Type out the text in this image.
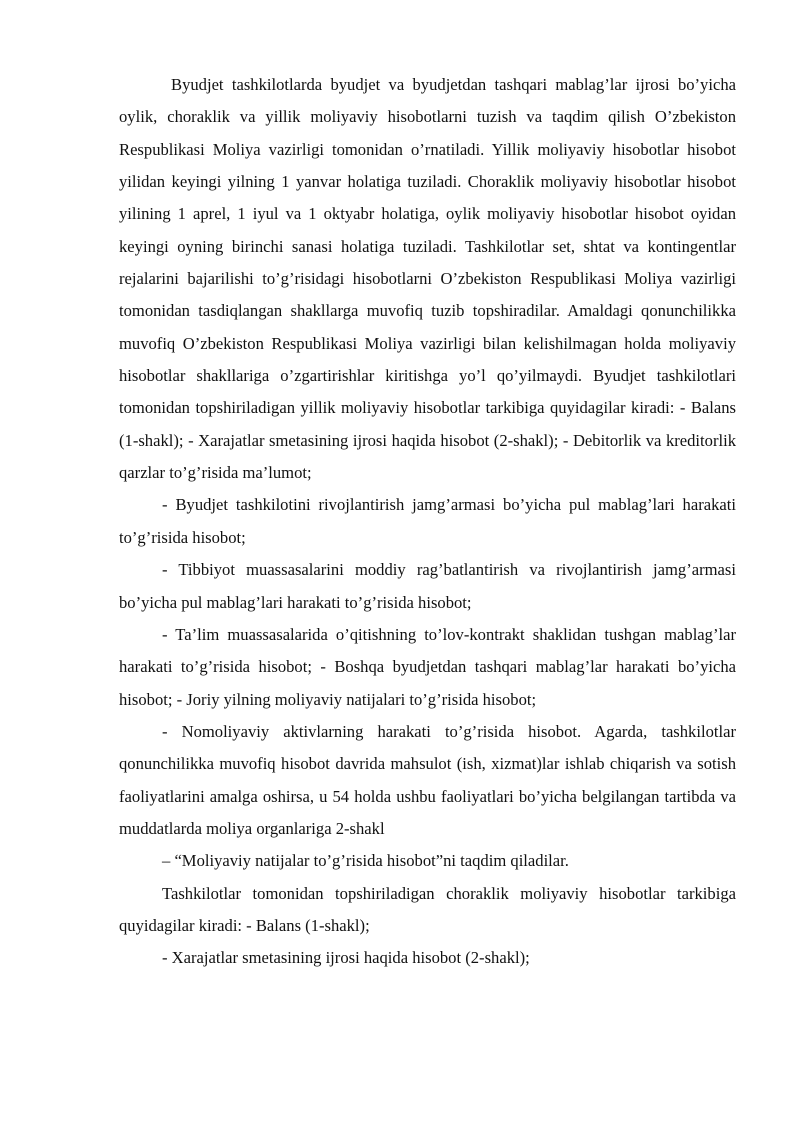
Byudjet tashkilotlarda byudjet va byudjetdan tashqari mablag’lar ijrosi bo’yicha oylik, choraklik va yillik moliyaviy hisobotlarni tuzish va taqdim qilish O’zbekiston Respublikasi Moliya vazirligi tomonidan o’rnatiladi. Yillik moliyaviy hisobotlar hisobot yilidan keyingi yilning 1 yanvar holatiga tuziladi. Choraklik moliyaviy hisobotlar hisobot yilining 1 aprel, 1 iyul va 1 oktyabr holatiga, oylik moliyaviy hisobotlar hisobot oyidan keyingi oyning birinchi sanasi holatiga tuziladi. Tashkilotlar set, shtat va kontingentlar rejalarini bajarilishi to’g’risidagi hisobotlarni O’zbekiston Respublikasi Moliya vazirligi tomonidan tasdiqlangan shakllarga muvofiq tuzib topshiradilar. Amaldagi qonunchilikka muvofiq O’zbekiston Respublikasi Moliya vazirligi bilan kelishilmagan holda moliyaviy hisobotlar shakllariga o’zgartirishlar kiritishga yo’l qo’yilmaydi. Byudjet tashkilotlari tomonidan topshiriladigan yillik moliyaviy hisobotlar tarkibiga quyidagilar kiradi: - Balans (1-shakl); - Xarajatlar smetasining ijrosi haqida hisobot (2-shakl); - Debitorlik va kreditorlik qarzlar to’g’risida ma’lumot;

- Byudjet tashkilotini rivojlantirish jamg’armasi bo’yicha pul mablag’lari harakati to’g’risida hisobot;

- Tibbiyot muassasalarini moddiy rag’batlantirish va rivojlantirish jamg’armasi bo’yicha pul mablag’lari harakati to’g’risida hisobot;

- Ta’lim muassasalarida o’qitishning to’lov-kontrakt shaklidan tushgan mablag’lar harakati to’g’risida hisobot; - Boshqa byudjetdan tashqari mablag’lar harakati bo’yicha hisobot; - Joriy yilning moliyaviy natijalari to’g’risida hisobot;

- Nomoliyaviy aktivlarning harakati to’g’risida hisobot. Agarda, tashkilotlar qonunchilikka muvofiq hisobot davrida mahsulot (ish, xizmat)lar ishlab chiqarish va sotish faoliyatlarini amalga oshirsa, u 54 holda ushbu faoliyatlari bo’yicha belgilangan tartibda va muddatlarda moliya organlariga 2-shakl

– “Moliyaviy natijalar to’g’risida hisobot”ni taqdim qiladilar.

Tashkilotlar tomonidan topshiriladigan choraklik moliyaviy hisobotlar tarkibiga quyidagilar kiradi: - Balans (1-shakl);

- Xarajatlar smetasining ijrosi haqida hisobot (2-shakl);
